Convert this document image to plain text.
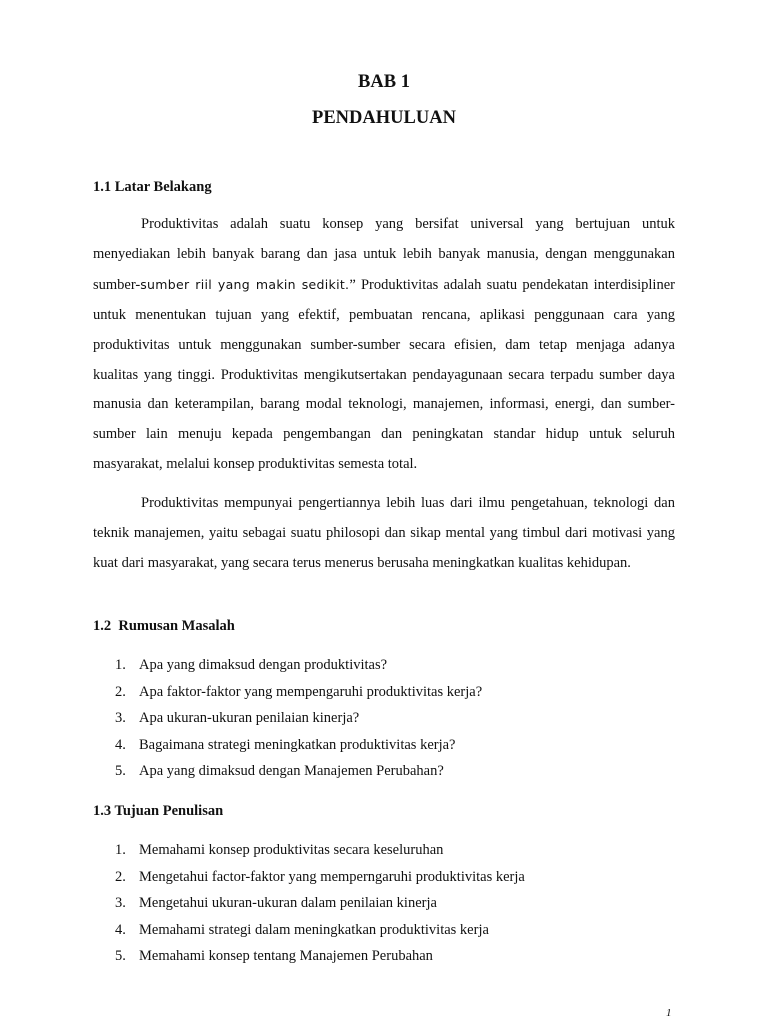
BAB 1
PENDAHULUAN
1.1 Latar Belakang

Produktivitas adalah suatu konsep yang bersifat universal yang bertujuan untuk menyediakan lebih banyak barang dan jasa untuk lebih banyak manusia, dengan menggunakan sumber-sumber riil yang makin sedikit.” Produktivitas adalah suatu pendekatan interdisipliner untuk menentukan tujuan yang efektif, pembuatan rencana, aplikasi penggunaan cara yang produktivitas untuk menggunakan sumber-sumber secara efisien, dam tetap menjaga adanya kualitas yang tinggi. Produktivitas mengikutsertakan pendayagunaan secara terpadu sumber daya manusia dan keterampilan, barang modal teknologi, manajemen, informasi, energi, dan sumber-sumber lain menuju kepada pengembangan dan peningkatan standar hidup untuk seluruh masyarakat, melalui konsep produktivitas semesta total.

Produktivitas mempunyai pengertiannya lebih luas dari ilmu pengetahuan, teknologi dan teknik manajemen, yaitu sebagai suatu philosopi dan sikap mental yang timbul dari motivasi yang kuat dari masyarakat, yang secara terus menerus berusaha meningkatkan kualitas kehidupan.

1.2  Rumusan Masalah
1. Apa yang dimaksud dengan produktivitas?
2. Apa faktor-faktor yang mempengaruhi produktivitas kerja?
3. Apa ukuran-ukuran penilaian kinerja?
4. Bagaimana strategi meningkatkan produktivitas kerja?
5. Apa yang dimaksud dengan Manajemen Perubahan?
1.3 Tujuan Penulisan
1. Memahami konsep produktivitas secara keseluruhan
2. Mengetahui factor-faktor yang memperngaruhi produktivitas kerja
3. Mengetahui ukuran-ukuran dalam penilaian kinerja
4. Memahami strategi dalam meningkatkan produktivitas kerja
5. Memahami konsep tentang Manajemen Perubahan
1
